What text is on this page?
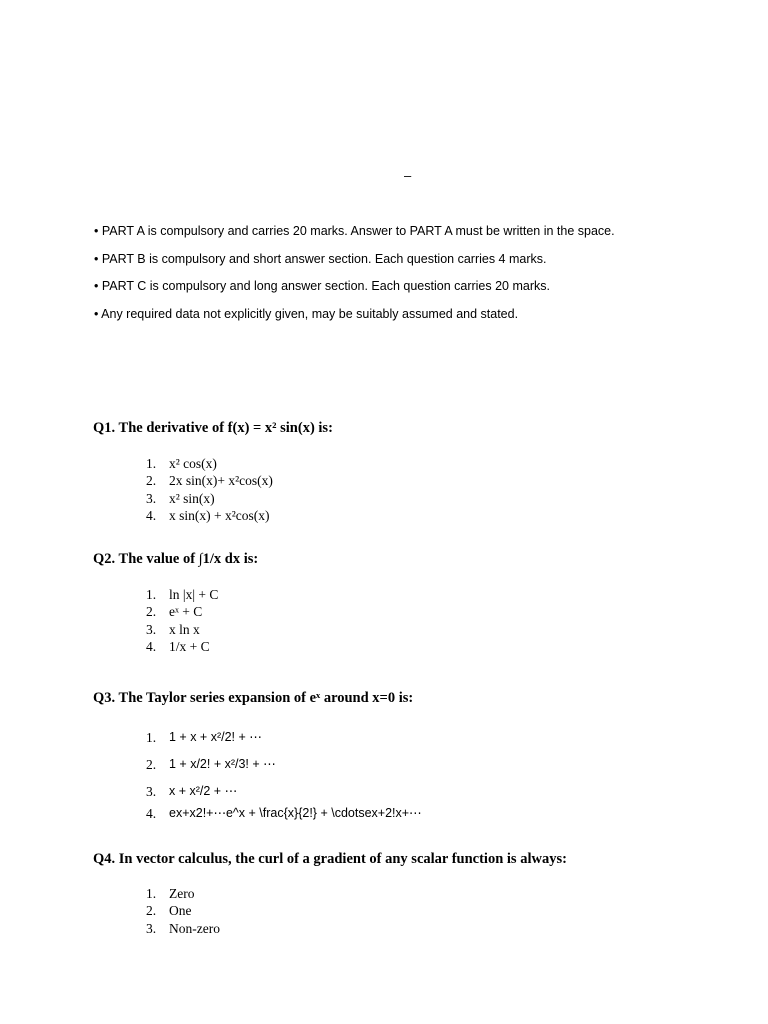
–
• PART A is compulsory and carries 20 marks. Answer to PART A must be written in the space.
• PART B is compulsory and short answer section. Each question carries 4 marks.
• PART C is compulsory and long answer section. Each question carries 20 marks.
• Any required data not explicitly given, may be suitably assumed and stated.
Q1. The derivative of f(x) = x² sin(x) is:
1. x² cos(x)
2. 2x sin(x)+ x²cos(x)
3. x² sin(x)
4. x sin(x) + x²cos(x)
Q2. The value of ∫1/x dx is:
1. ln |x| + C
2. eˣ + C
3. x ln x
4. 1/x + C
Q3. The Taylor series expansion of eˣ around x=0 is:
1.	1 + x + x²/2! + ⋯
2.	1 + x/2! + x²/3! + ⋯
3.	x + x²/2 + ⋯
4.	ex+x2!+⋯e^x + \frac{x}{2!} + \cdotsex+2!x+⋯
Q4. In vector calculus, the curl of a gradient of any scalar function is always:
1. Zero
2. One
3. Non-zero
